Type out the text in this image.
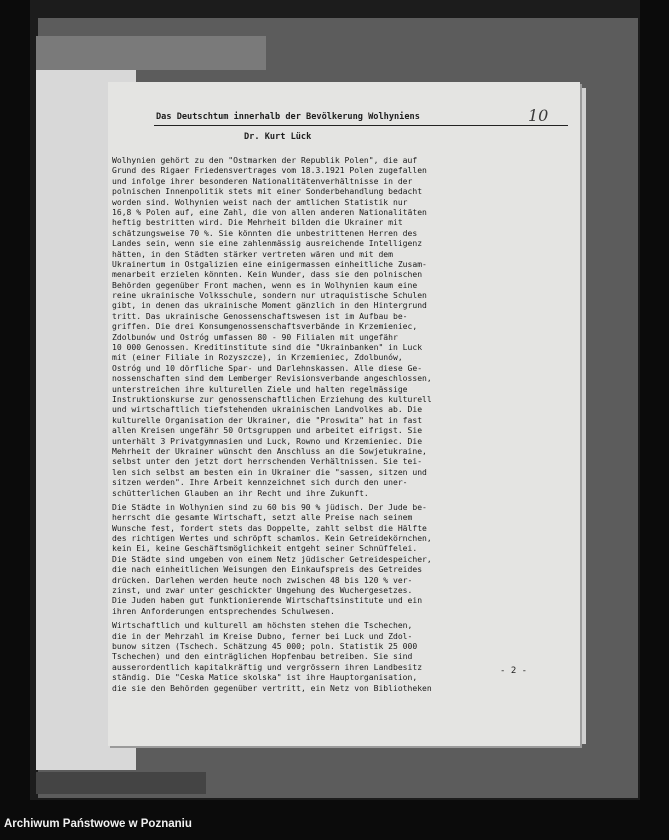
Das Deutschtum innerhalb der Bevölkerung Wolhyniens	10
Dr. Kurt Lück
Wolhynien gehört zu den "Ostmarken der Republik Polen", die auf
Grund des Rigaer Friedensvertrages vom 18.3.1921 Polen zugefallen
und infolge ihrer besonderen Nationalitätenverhältnisse in der
polnischen Innenpolitik stets mit einer Sonderbehandlung bedacht
worden sind. Wolhynien weist nach der amtlichen Statistik nur
16,8 % Polen auf, eine Zahl, die von allen anderen Nationalitäten
heftig bestritten wird. Die Mehrheit bilden die Ukrainer mit
schätzungsweise 70 %. Sie könnten die unbestrittenen Herren des
Landes sein, wenn sie eine zahlenmässig ausreichende Intelligenz
hätten, in den Städten stärker vertreten wären und mit dem
Ukrainertum in Ostgalizien eine einigermassen einheitliche Zusam-
menarbeit erzielen könnten. Kein Wunder, dass sie den polnischen
Behörden gegenüber Front machen, wenn es in Wolhynien kaum eine
reine ukrainische Volksschule, sondern nur utraquistische Schulen
gibt, in denen das ukrainische Moment gänzlich in den Hintergrund
tritt. Das ukrainische Genossenschaftswesen ist im Aufbau be-
griffen. Die drei Konsumgenossenschaftsverbände in Krzemieniec,
Zdolbunów und Ostróg umfassen 80 - 90 Filialen mit ungefähr
10 000 Genossen. Kreditinstitute sind die "Ukrainbanken" in Luck
mit (einer Filiale in Rozyszcze), in Krzemieniec, Zdolbunów,
Ostróg und 10 dörfliche Spar- und Darlehnskassen. Alle diese Ge-
nossenschaften sind dem Lemberger Revisionsverbande angeschlossen,
unterstreichen ihre kulturellen Ziele und halten regelmässige
Instruktionskurse zur genossenschaftlichen Erziehung des kulturell
und wirtschaftlich tiefstehenden ukrainischen Landvolkes ab. Die
kulturelle Organisation der Ukrainer, die "Proswita" hat in fast
allen Kreisen ungefähr 50 Ortsgruppen und arbeitet eifrigst. Sie
unterhält 3 Privatgymnasien und Luck, Rowno und Krzemieniec. Die
Mehrheit der Ukrainer wünscht den Anschluss an die Sowjetukraine,
selbst unter den jetzt dort herrschenden Verhältnissen. Sie tei-
len sich selbst am besten ein in Ukrainer die "sassen, sitzen und
sitzen werden". Ihre Arbeit kennzeichnet sich durch den uner-
schütterlichen Glauben an ihr Recht und ihre Zukunft.
Die Städte in Wolhynien sind zu 60 bis 90 % jüdisch. Der Jude be-
herrscht die gesamte Wirtschaft, setzt alle Preise nach seinem
Wunsche fest, fordert stets das Doppelte, zahlt selbst die Hälfte
des richtigen Wertes und schröpft schamlos. Kein Getreidekörnchen,
kein Ei, keine Geschäftsmöglichkeit entgeht seiner Schnüffelei.
Die Städte sind umgeben von einem Netz jüdischer Getreidespeicher,
die nach einheitlichen Weisungen den Einkaufspreis des Getreides
drücken. Darlehen werden heute noch zwischen 48 bis 120 % ver-
zinst, und zwar unter geschickter Umgehung des Wuchergesetzes.
Die Juden haben gut funktionierende Wirtschaftsinstitute und ein
ihren Anforderungen entsprechendes Schulwesen.
Wirtschaftlich und kulturell am höchsten stehen die Tschechen,
die in der Mehrzahl im Kreise Dubno, ferner bei Luck und Zdol-
bunow sitzen (Tschech. Schätzung 45 000; poln. Statistik 25 000
Tschechen) und den einträglichen Hopfenbau betreiben. Sie sind
ausserordentlich kapitalkräftig und vergrössern ihren Landbesitz
ständig. Die "Ceska Matice skolska" ist ihre Hauptorganisation,
die sie den Behörden gegenüber vertritt, ein Netz von Bibliotheken
- 2 -
Archiwum Państwowe w Poznaniu
